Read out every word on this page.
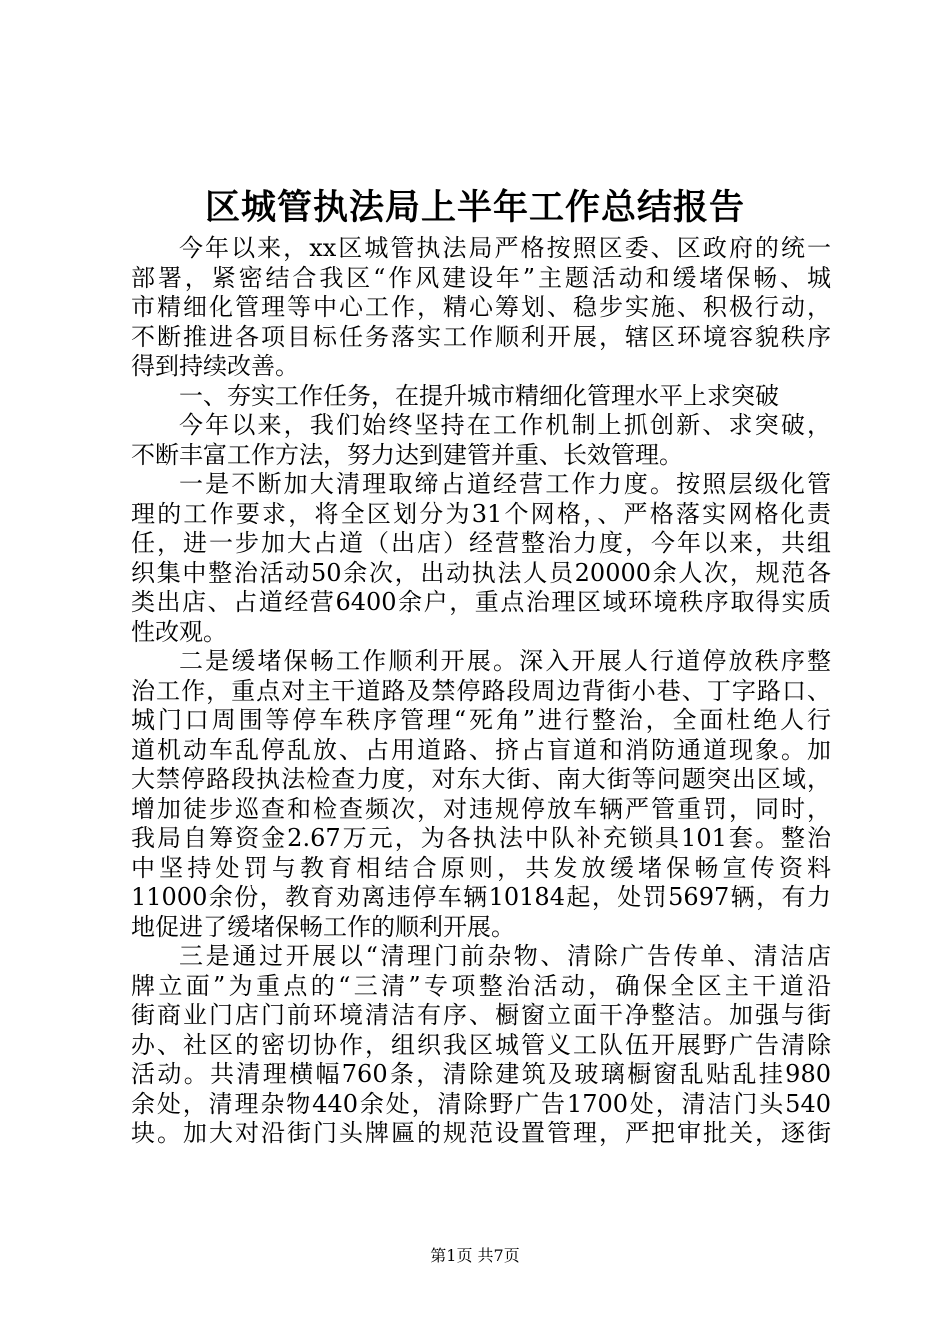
区城管执法局上半年工作总结报告
今年以来，xx区城管执法局严格按照区委、区政府的统一
部署，紧密结合我区“作风建设年”主题活动和缓堵保畅、城
市精细化管理等中心工作，精心筹划、稳步实施、积极行动，
不断推进各项目标任务落实工作顺利开展，辖区环境容貌秩序
得到持续改善。
一、夯实工作任务，在提升城市精细化管理水平上求突破
今年以来，我们始终坚持在工作机制上抓创新、求突破，
不断丰富工作方法，努力达到建管并重、长效管理。
一是不断加大清理取缔占道经营工作力度。按照层级化管
理的工作要求，将全区划分为31个网格，、严格落实网格化责
任，进一步加大占道（出店）经营整治力度，今年以来，共组
织集中整治活动50余次，出动执法人员20000余人次，规范各
类出店、占道经营6400余户，重点治理区域环境秩序取得实质
性改观。
二是缓堵保畅工作顺利开展。深入开展人行道停放秩序整
治工作，重点对主干道路及禁停路段周边背街小巷、丁字路口、
城门口周围等停车秩序管理“死角”进行整治，全面杜绝人行
道机动车乱停乱放、占用道路、挤占盲道和消防通道现象。加
大禁停路段执法检查力度，对东大街、南大街等问题突出区域，
增加徒步巡查和检查频次，对违规停放车辆严管重罚，同时，
我局自筹资金2.67万元，为各执法中队补充锁具101套。整治
中坚持处罚与教育相结合原则，共发放缓堵保畅宣传资料
11000余份，教育劝离违停车辆10184起，处罚5697辆，有力
地促进了缓堵保畅工作的顺利开展。
三是通过开展以“清理门前杂物、清除广告传单、清洁店
牌立面”为重点的“三清”专项整治活动，确保全区主干道沿
街商业门店门前环境清洁有序、橱窗立面干净整洁。加强与街
办、社区的密切协作，组织我区城管义工队伍开展野广告清除
活动。共清理横幅760条，清除建筑及玻璃橱窗乱贴乱挂980
余处，清理杂物440余处，清除野广告1700处，清洁门头540
块。加大对沿街门头牌匾的规范设置管理，严把审批关，逐街
第1页 共7页
